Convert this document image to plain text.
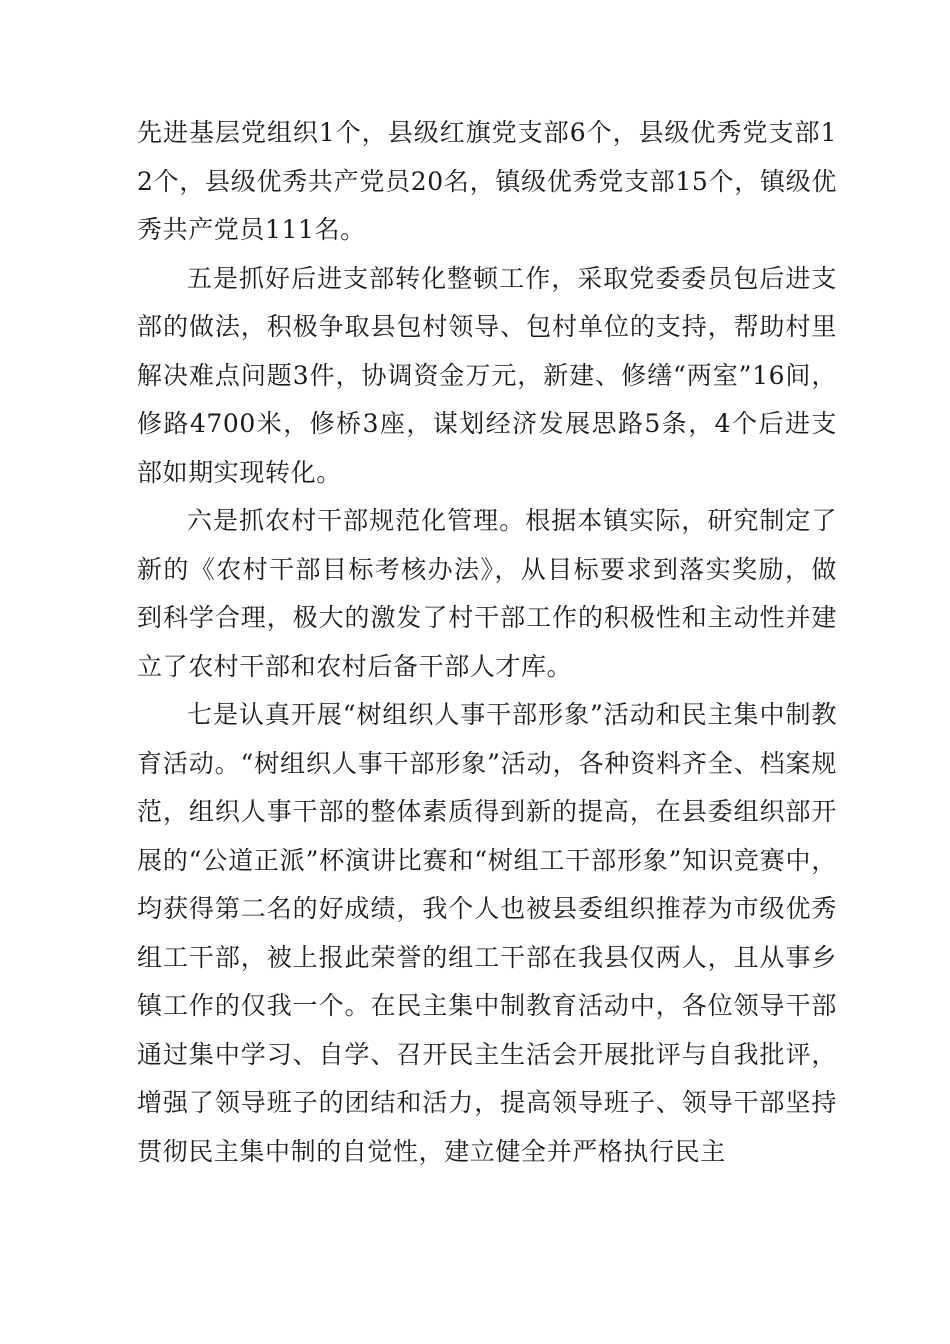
先进基层党组织1个，县级红旗党支部6个，县级优秀党支部12个，县级优秀共产党员20名，镇级优秀党支部15个，镇级优秀共产党员111名。

五是抓好后进支部转化整顿工作，采取党委委员包后进支部的做法，积极争取县包村领导、包村单位的支持，帮助村里解决难点问题3件，协调资金万元，新建、修缮“两室”16间，修路4700米，修桥3座，谋划经济发展思路5条，4个后进支部如期实现转化。

六是抓农村干部规范化管理。根据本镇实际，研究制定了新的《农村干部目标考核办法》，从目标要求到落实奖励，做到科学合理，极大的激发了村干部工作的积极性和主动性并建立了农村干部和农村后备干部人才库。

七是认真开展“树组织人事干部形象”活动和民主集中制教育活动。“树组织人事干部形象”活动，各种资料齐全、档案规范，组织人事干部的整体素质得到新的提高，在县委组织部开展的“公道正派”杯演讲比赛和“树组工干部形象”知识竞赛中，均获得第二名的好成绩，我个人也被县委组织推荐为市级优秀组工干部，被上报此荣誉的组工干部在我县仅两人，且从事乡镇工作的仅我一个。在民主集中制教育活动中，各位领导干部通过集中学习、自学、召开民主生活会开展批评与自我批评，增强了领导班子的团结和活力，提高领导班子、领导干部坚持贯彻民主集中制的自觉性，建立健全并严格执行民主
